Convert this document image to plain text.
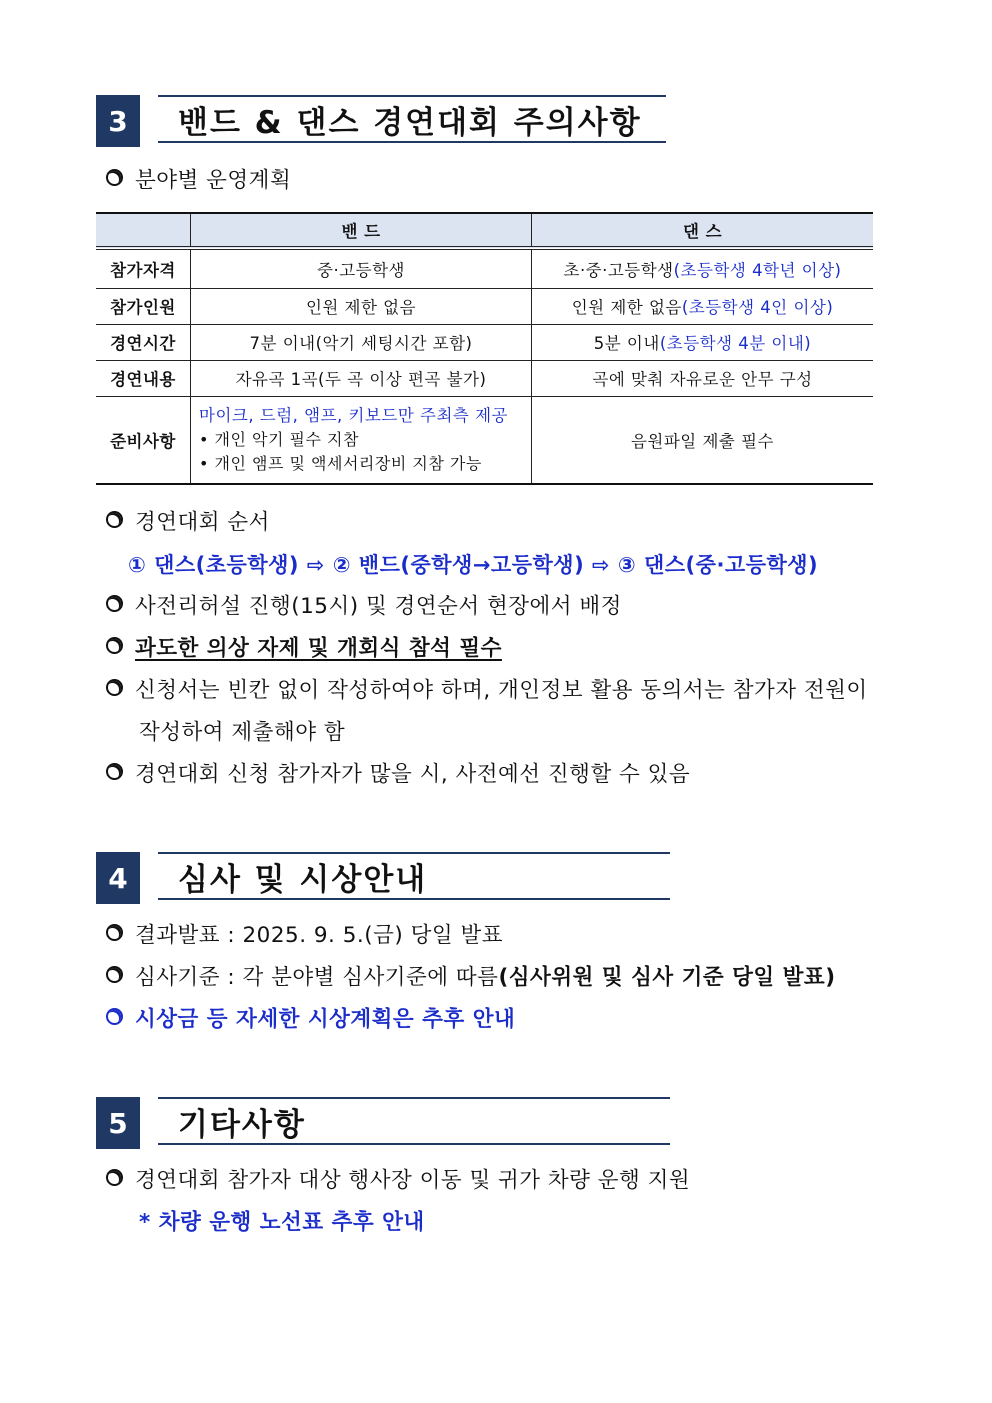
3	밴드 & 댄스 경연대회 주의사항
분야별 운영계획
	밴 드	댄 스
참가자격	중·고등학생	초·중·고등학생(초등학생 4학년 이상)
참가인원	인원 제한 없음	인원 제한 없음(초등학생 4인 이상)
경연시간	7분 이내(악기 세팅시간 포함)	5분 이내(초등학생 4분 이내)
경연내용	자유곡 1곡(두 곡 이상 편곡 불가)	곡에 맞춰 자유로운 안무 구성
준비사항	마이크, 드럼, 앰프, 키보드만 주최측 제공
• 개인 악기 필수 지참
• 개인 앰프 및 액세서리장비 지참 가능	음원파일 제출 필수
경연대회 순서
① 댄스(초등학생) ⇨ ② 밴드(중학생→고등학생) ⇨ ③ 댄스(중·고등학생)
사전리허설 진행(15시) 및 경연순서 현장에서 배정
과도한 의상 자제 및 개회식 참석 필수
신청서는 빈칸 없이 작성하여야 하며, 개인정보 활용 동의서는 참가자 전원이
작성하여 제출해야 함
경연대회 신청 참가자가 많을 시, 사전예선 진행할 수 있음
4	심사 및 시상안내
결과발표 : 2025. 9. 5.(금) 당일 발표
심사기준 : 각 분야별 심사기준에 따름(심사위원 및 심사 기준 당일 발표)
시상금 등 자세한 시상계획은 추후 안내
5	기타사항
경연대회 참가자 대상 행사장 이동 및 귀가 차량 운행 지원
* 차량 운행 노선표 추후 안내
